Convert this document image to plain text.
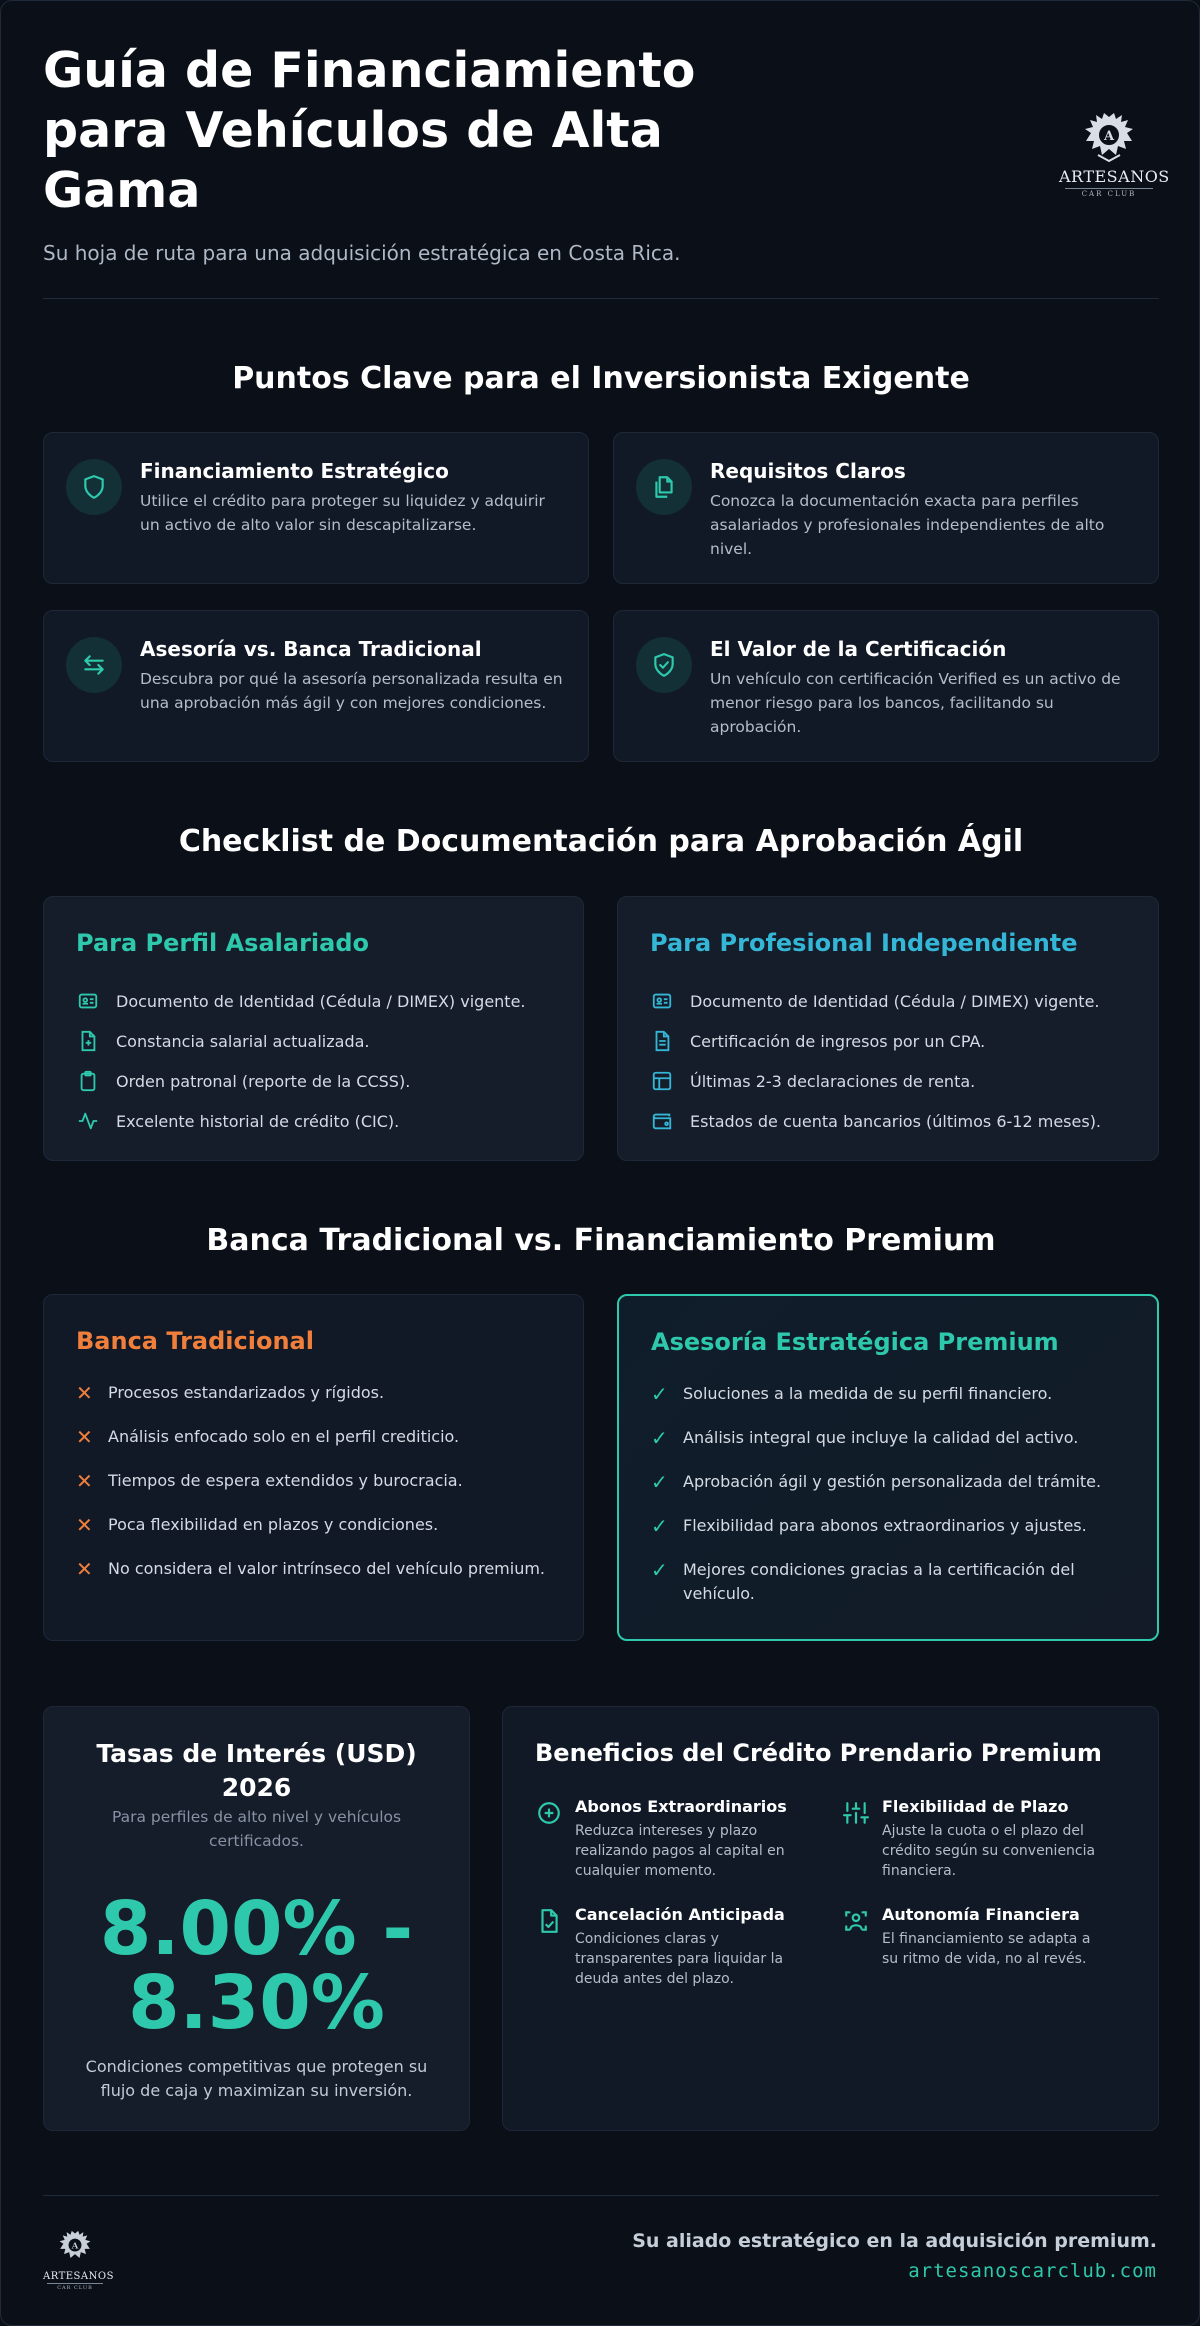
Guía de Financiamiento para Vehículos de Alta Gama
Su hoja de ruta para una adquisición estratégica en Costa Rica.
A
ARTESANOS
CAR CLUB
Puntos Clave para el Inversionista Exigente
Financiamiento Estratégico
Utilice el crédito para proteger su liquidez y adquirir un activo de alto valor sin descapitalizarse.
Requisitos Claros
Conozca la documentación exacta para perfiles asalariados y profesionales independientes de alto nivel.
Asesoría vs. Banca Tradicional
Descubra por qué la asesoría personalizada resulta en una aprobación más ágil y con mejores condiciones.
El Valor de la Certificación
Un vehículo con certificación Verified es un activo de menor riesgo para los bancos, facilitando su aprobación.
Checklist de Documentación para Aprobación Ágil
Para Perfil Asalariado
Documento de Identidad (Cédula / DIMEX) vigente.
Constancia salarial actualizada.
Orden patronal (reporte de la CCSS).
Excelente historial de crédito (CIC).
Para Profesional Independiente
Documento de Identidad (Cédula / DIMEX) vigente.
Certificación de ingresos por un CPA.
Últimas 2-3 declaraciones de renta.
Estados de cuenta bancarios (últimos 6-12 meses).
Banca Tradicional vs. Financiamiento Premium
Banca Tradicional
✕ Procesos estandarizados y rígidos.
✕ Análisis enfocado solo en el perfil crediticio.
✕ Tiempos de espera extendidos y burocracia.
✕ Poca flexibilidad en plazos y condiciones.
✕ No considera el valor intrínseco del vehículo premium.
Asesoría Estratégica Premium
✓ Soluciones a la medida de su perfil financiero.
✓ Análisis integral que incluye la calidad del activo.
✓ Aprobación ágil y gestión personalizada del trámite.
✓ Flexibilidad para abonos extraordinarios y ajustes.
✓ Mejores condiciones gracias a la certificación del vehículo.
Tasas de Interés (USD) 2026
Para perfiles de alto nivel y vehículos certificados.
8.00% - 8.30%
Condiciones competitivas que protegen su flujo de caja y maximizan su inversión.
Beneficios del Crédito Prendario Premium
Abonos Extraordinarios
Reduzca intereses y plazo realizando pagos al capital en cualquier momento.
Flexibilidad de Plazo
Ajuste la cuota o el plazo del crédito según su conveniencia financiera.
Cancelación Anticipada
Condiciones claras y transparentes para liquidar la deuda antes del plazo.
Autonomía Financiera
El financiamiento se adapta a su ritmo de vida, no al revés.
A
ARTESANOS
CAR CLUB
Su aliado estratégico en la adquisición premium.
artesanoscarclub.com
